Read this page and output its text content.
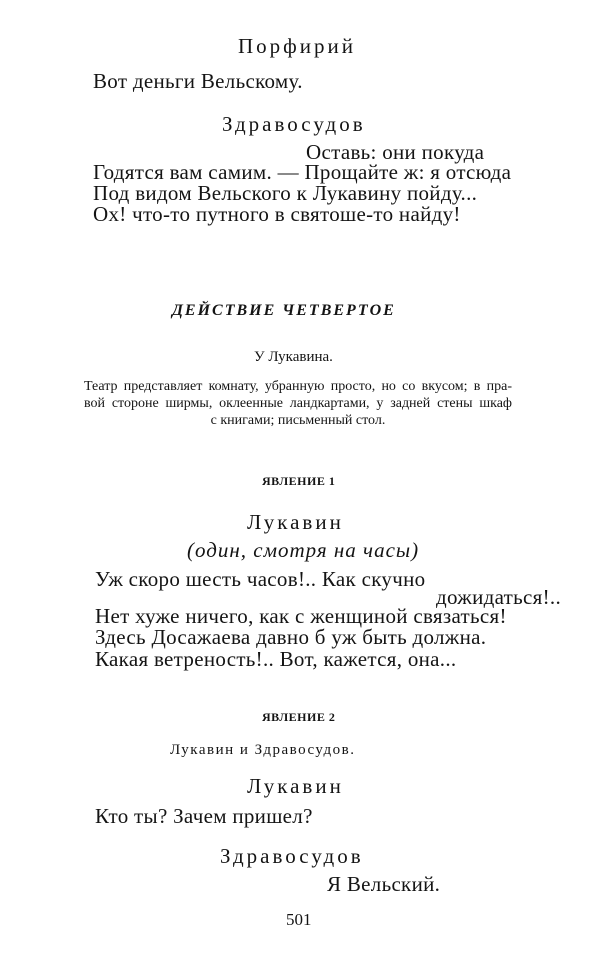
Порфирий
Вот деньги Вельскому.
Здравосудов
Оставь: они покуда
Годятся вам самим. — Прощайте ж: я отсюда
Под видом Вельского к Лукавину пойду...
Ох! что-то путного в святоше-то найду!
ДЕЙСТВИЕ ЧЕТВЕРТОЕ
У Лукавина.
Театр представляет комнату, убранную просто, но со вкусом; в пра-
вой стороне ширмы, оклеенные ландкартами, у задней стены шкаф
с книгами; письменный стол.
ЯВЛЕНИЕ 1
Лукавин
(один, смотря на часы)
Уж скоро шесть часов!.. Как скучно
дожидаться!..
Нет хуже ничего, как с женщиной связаться!
Здесь Досажаева давно б уж быть должна.
Какая ветреность!.. Вот, кажется, она...
ЯВЛЕНИЕ 2
Лукавин и Здравосудов.
Лукавин
Кто ты? Зачем пришел?
Здравосудов
Я Вельский.
501
